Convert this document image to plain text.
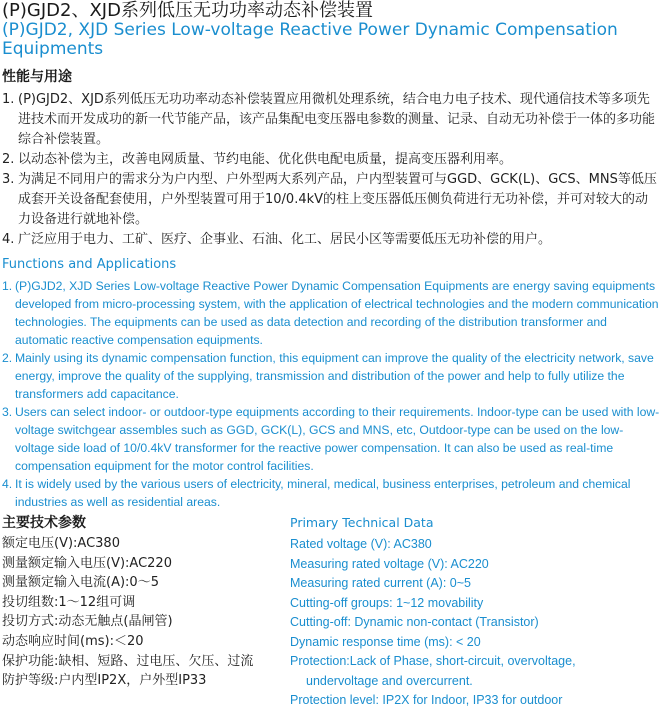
(P)GJD2、XJD系列低压无功功率动态补偿装置
(P)GJD2, XJD Series Low-voltage Reactive Power Dynamic Compensation Equipments
性能与用途
1. (P)GJD2、XJD系列低压无功功率动态补偿装置应用微机处理系统，结合电力电子技术、现代通信技术等多项先进技术而开发成功的新一代节能产品，该产品集配电变压器电参数的测量、记录、自动无功补偿于一体的多功能综合补偿装置。
2. 以动态补偿为主，改善电网质量、节约电能、优化供电配电质量，提高变压器利用率。
3. 为满足不同用户的需求分为户内型、户外型两大系列产品，户内型装置可与GGD、GCK(L)、GCS、MNS等低压成套开关设备配套使用，户外型装置可用于10/0.4kV的柱上变压器低压侧负荷进行无功补偿，并可对较大的动力设备进行就地补偿。
4. 广泛应用于电力、工矿、医疗、企事业、石油、化工、居民小区等需要低压无功补偿的用户。
Functions and Applications
1. (P)GJD2, XJD Series Low-voltage Reactive Power Dynamic Compensation Equipments are energy saving equipments developed from micro-processing system, with the application of electrical technologies and the modern communication technologies. The equipments can be used as data detection and recording of the distribution transformer and automatic reactive compensation equipments.
2. Mainly using its dynamic compensation function, this equipment can improve the quality of the electricity network, save energy, improve the quality of the supplying, transmission and distribution of the power and help to fully utilize the transformers add capacitance.
3. Users can select indoor- or outdoor-type equipments according to their requirements. Indoor-type can be used with low-voltage switchgear assembles such as GGD, GCK(L), GCS and MNS, etc, Outdoor-type can be used on the low-voltage side load of 10/0.4kV transformer for the reactive power compensation. It can also be used as real-time compensation equipment for the motor control facilities.
4. It is widely used by the various users of electricity, mineral, medical, business enterprises, petroleum and chemical industries as well as residential areas.
主要技术参数
额定电压(V):AC380
测量额定输入电压(V):AC220
测量额定输入电流(A):0～5
投切组数:1～12组可调
投切方式:动态无触点(晶闸管)
动态响应时间(ms):＜20
保护功能:缺相、短路、过电压、欠压、过流
防护等级:户内型IP2X，户外型IP33
Primary Technical Data
Rated voltage (V): AC380
Measuring rated voltage (V): AC220
Measuring rated current (A): 0~5
Cutting-off groups: 1~12 movability
Cutting-off: Dynamic non-contact (Transistor)
Dynamic response time (ms): < 20
Protection:Lack of Phase, short-circuit, overvoltage,
undervoltage and overcurrent.
Protection level: IP2X for Indoor, IP33 for outdoor
